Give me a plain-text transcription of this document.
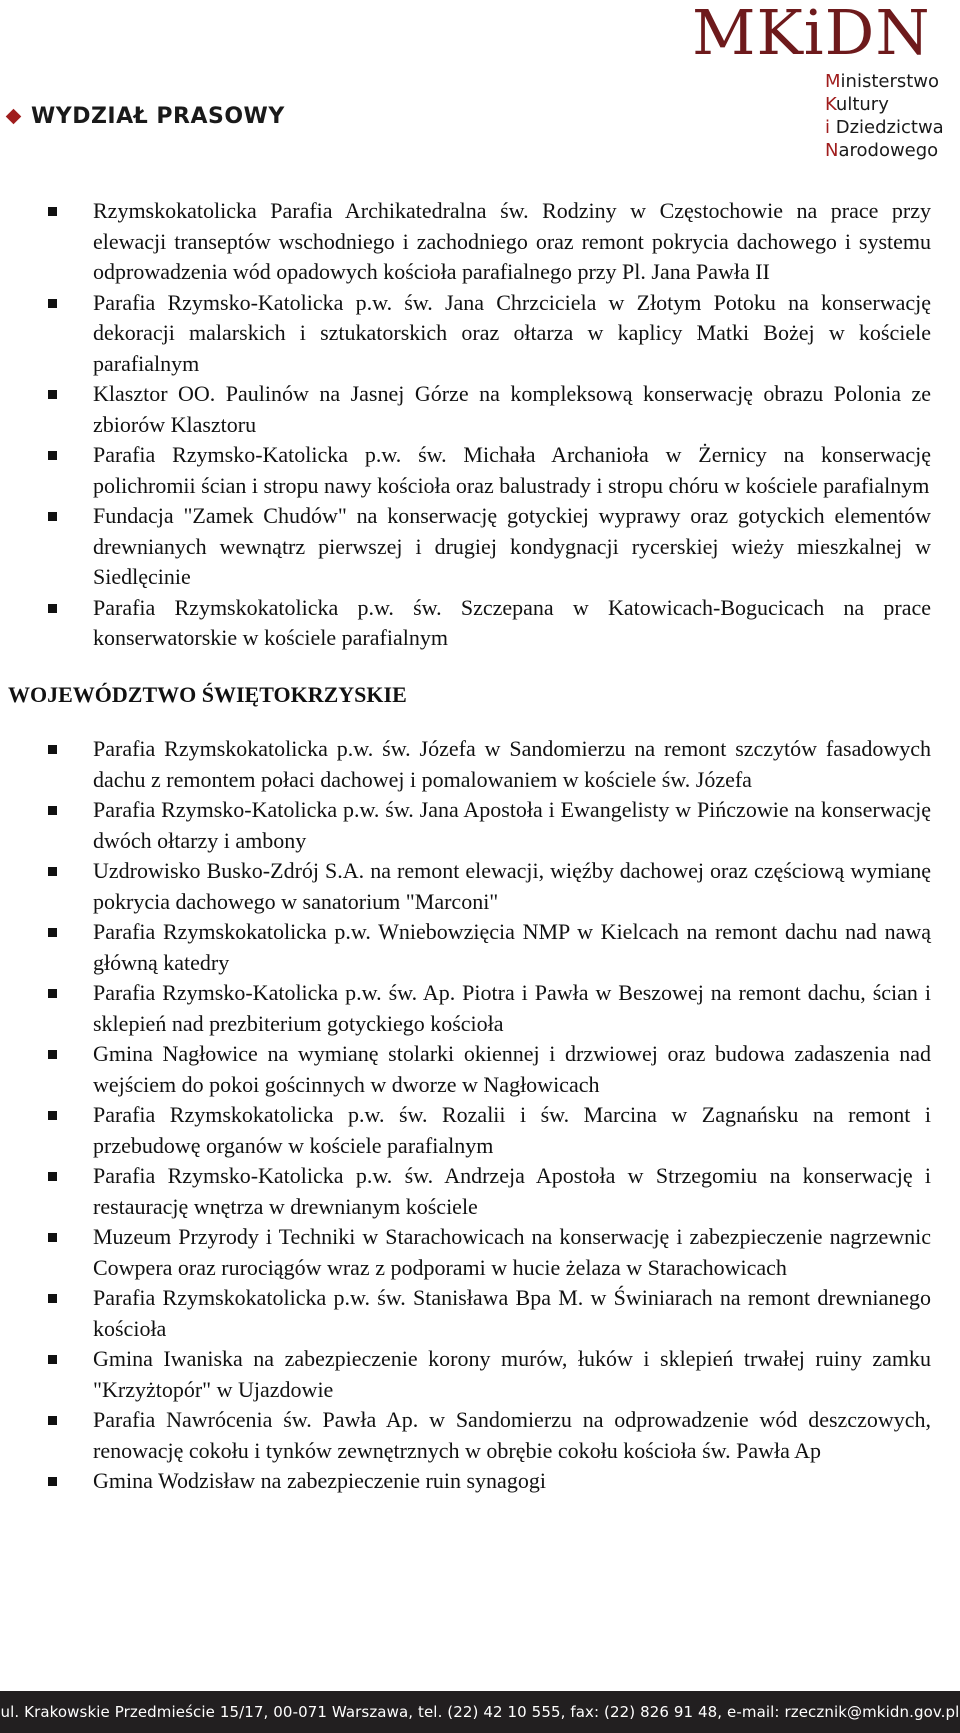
WYDZIAŁ PRASOWY
MKiDN
Ministerstwo
Kultury
i Dziedzictwa
Narodowego
Rzymskokatolicka Parafia Archikatedralna św. Rodziny w Częstochowie na prace przy elewacji transeptów wschodniego i zachodniego oraz remont pokrycia dachowego i systemu odprowadzenia wód opadowych kościoła parafialnego przy Pl. Jana Pawła II
Parafia Rzymsko-Katolicka p.w. św. Jana Chrzciciela w Złotym Potoku na konserwację dekoracji malarskich i sztukatorskich oraz ołtarza w kaplicy Matki Bożej w kościele parafialnym
Klasztor OO. Paulinów na Jasnej Górze na kompleksową konserwację obrazu Polonia ze zbiorów Klasztoru
Parafia Rzymsko-Katolicka p.w. św. Michała Archanioła w Żernicy na konserwację polichromii ścian i stropu nawy kościoła oraz balustrady i stropu chóru w kościele parafialnym
Fundacja "Zamek Chudów" na konserwację gotyckiej wyprawy oraz gotyckich elementów drewnianych wewnątrz pierwszej i drugiej kondygnacji rycerskiej wieży mieszkalnej w Siedlęcinie
Parafia Rzymskokatolicka p.w. św. Szczepana w Katowicach-Bogucicach na prace konserwatorskie w kościele parafialnym
WOJEWÓDZTWO ŚWIĘTOKRZYSKIE
Parafia Rzymskokatolicka p.w. św. Józefa w Sandomierzu na remont szczytów fasadowych dachu z remontem połaci dachowej i pomalowaniem w kościele św. Józefa
Parafia Rzymsko-Katolicka p.w. św. Jana Apostoła i Ewangelisty w Pińczowie na konserwację dwóch ołtarzy i ambony
Uzdrowisko Busko-Zdrój S.A. na remont elewacji, więźby dachowej oraz częściową wymianę pokrycia dachowego w sanatorium "Marconi"
Parafia Rzymskokatolicka p.w. Wniebowzięcia NMP w Kielcach na remont dachu nad nawą główną katedry
Parafia Rzymsko-Katolicka p.w. św. Ap. Piotra i Pawła w Beszowej na remont dachu, ścian i sklepień nad prezbiterium gotyckiego kościoła
Gmina Nagłowice na wymianę stolarki okiennej i drzwiowej oraz budowa zadaszenia nad wejściem do pokoi gościnnych w dworze w Nagłowicach
Parafia Rzymskokatolicka p.w. św. Rozalii i św. Marcina w Zagnańsku na remont i przebudowę organów w kościele parafialnym
Parafia Rzymsko-Katolicka p.w. św. Andrzeja Apostoła w Strzegomiu na konserwację i restaurację wnętrza w drewnianym kościele
Muzeum Przyrody i Techniki w Starachowicach na konserwację i zabezpieczenie nagrzewnic Cowpera oraz rurociągów wraz z podporami w hucie żelaza w Starachowicach
Parafia Rzymskokatolicka p.w. św. Stanisława Bpa M. w Świniarach na remont drewnianego kościoła
Gmina Iwaniska na zabezpieczenie korony murów, łuków i sklepień trwałej ruiny zamku "Krzyżtopór" w Ujazdowie
Parafia Nawrócenia św. Pawła Ap. w Sandomierzu na odprowadzenie wód deszczowych, renowację cokołu i tynków zewnętrznych w obrębie cokołu kościoła św. Pawła Ap
Gmina Wodzisław na zabezpieczenie ruin synagogi
ul. Krakowskie Przedmieście 15/17, 00-071 Warszawa, tel. (22) 42 10 555, fax: (22) 826 91 48, e-mail: rzecznik@mkidn.gov.pl
